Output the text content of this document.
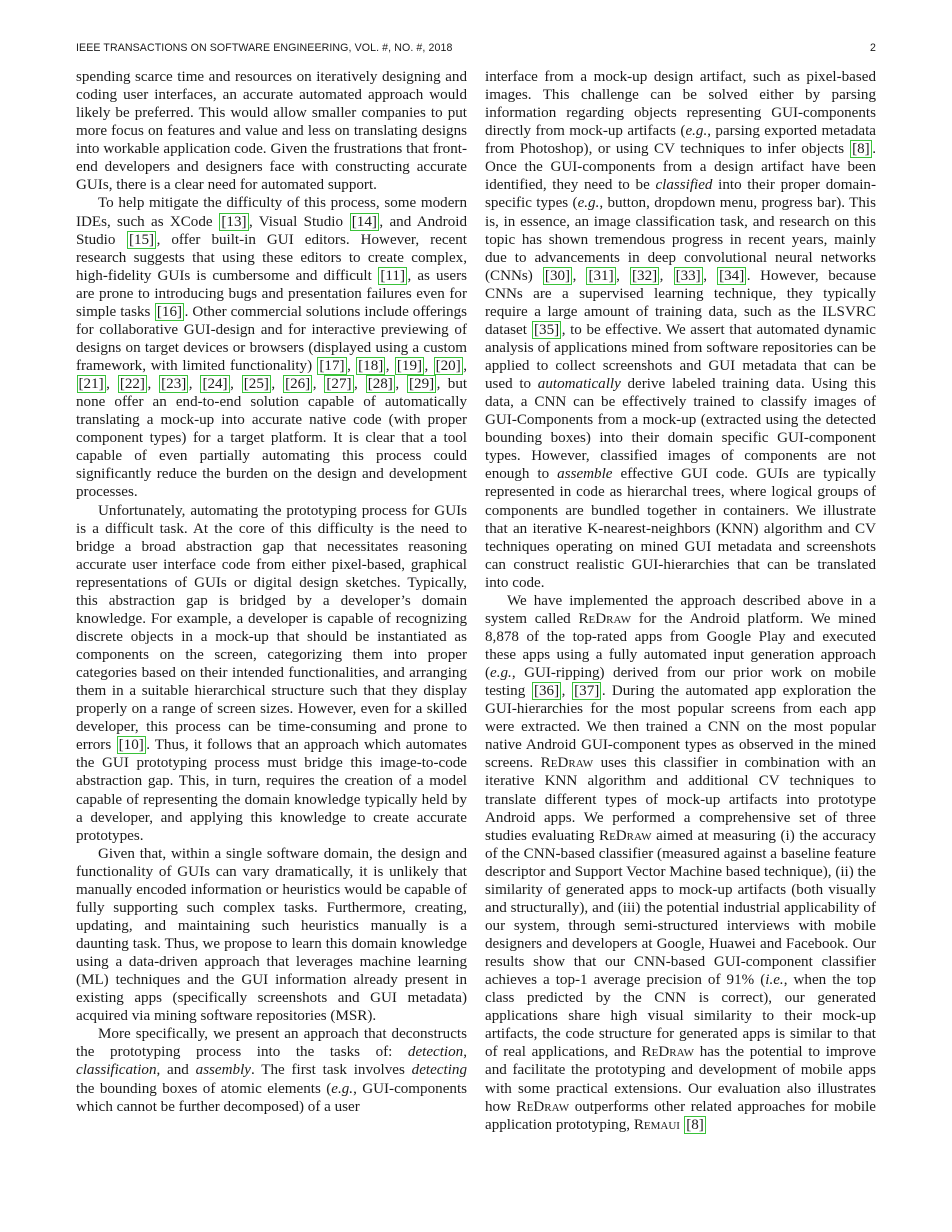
IEEE TRANSACTIONS ON SOFTWARE ENGINEERING, VOL. #, NO. #, 2018	2

spending scarce time and resources on iteratively designing and coding user interfaces, an accurate automated approach would likely be preferred. This would allow smaller companies to put more focus on features and value and less on translating designs into workable application code. Given the frustrations that front-end developers and designers face with constructing accurate GUIs, there is a clear need for automated support.

To help mitigate the difficulty of this process, some modern IDEs, such as XCode [13] , Visual Studio [14] , and Android Studio [15] , offer built-in GUI editors. However, recent research suggests that using these editors to create complex, high-fidelity GUIs is cumbersome and difficult [11] , as users are prone to introducing bugs and presentation failures even for simple tasks [16] . Other commercial solutions include offerings for collaborative GUI-design and for interactive previewing of designs on target devices or browsers (displayed using a custom framework, with limited functionality) [17] , [18] , [19] , [20] , [21] , [22] , [23] , [24] , [25] , [26] , [27] , [28] , [29] , but none offer an end-to-end solution capable of automatically translating a mock-up into accurate native code (with proper component types) for a target platform. It is clear that a tool capable of even partially automating this process could significantly reduce the burden on the design and development processes.

Unfortunately, automating the prototyping process for GUIs is a difficult task. At the core of this difficulty is the need to bridge a broad abstraction gap that necessitates reasoning accurate user interface code from either pixel-based, graphical representations of GUIs or digital design sketches. Typically, this abstraction gap is bridged by a developer’s domain knowledge. For example, a developer is capable of recognizing discrete objects in a mock-up that should be instantiated as components on the screen, categorizing them into proper categories based on their intended functionalities, and arranging them in a suitable hierarchical structure such that they display properly on a range of screen sizes. However, even for a skilled developer, this process can be time-consuming and prone to errors [10] . Thus, it follows that an approach which automates the GUI prototyping process must bridge this image-to-code abstraction gap. This, in turn, requires the creation of a model capable of representing the domain knowledge typically held by a developer, and applying this knowledge to create accurate prototypes.

Given that, within a single software domain, the design and functionality of GUIs can vary dramatically, it is unlikely that manually encoded information or heuristics would be capable of fully supporting such complex tasks. Furthermore, creating, updating, and maintaining such heuristics manually is a daunting task. Thus, we propose to learn this domain knowledge using a data-driven approach that leverages machine learning (ML) techniques and the GUI information already present in existing apps (specifically screenshots and GUI metadata) acquired via mining software repositories (MSR).

More specifically, we present an approach that deconstructs the prototyping process into the tasks of: detection, classification, and assembly. The first task involves detecting the bounding boxes of atomic elements (e.g., GUI-components which cannot be further decomposed) of a user

interface from a mock-up design artifact, such as pixel-based images. This challenge can be solved either by parsing information regarding objects representing GUI-components directly from mock-up artifacts (e.g., parsing exported metadata from Photoshop), or using CV techniques to infer objects [8] . Once the GUI-components from a design artifact have been identified, they need to be classified into their proper domain-specific types (e.g., button, dropdown menu, progress bar). This is, in essence, an image classification task, and research on this topic has shown tremendous progress in recent years, mainly due to advancements in deep convolutional neural networks (CNNs) [30] , [31] , [32] , [33] , [34] . However, because CNNs are a supervised learning technique, they typically require a large amount of training data, such as the ILSVRC dataset [35] , to be effective. We assert that automated dynamic analysis of applications mined from software repositories can be applied to collect screenshots and GUI metadata that can be used to automatically derive labeled training data. Using this data, a CNN can be effectively trained to classify images of GUI-Components from a mock-up (extracted using the detected bounding boxes) into their domain specific GUI-component types. However, classified images of components are not enough to assemble effective GUI code. GUIs are typically represented in code as hierarchal trees, where logical groups of components are bundled together in containers. We illustrate that an iterative K-nearest-neighbors (KNN) algorithm and CV techniques operating on mined GUI metadata and screenshots can construct realistic GUI-hierarchies that can be translated into code.

We have implemented the approach described above in a system called ReDraw for the Android platform. We mined 8,878 of the top-rated apps from Google Play and executed these apps using a fully automated input generation approach (e.g., GUI-ripping) derived from our prior work on mobile testing [36] , [37] . During the automated app exploration the GUI-hierarchies for the most popular screens from each app were extracted. We then trained a CNN on the most popular native Android GUI-component types as observed in the mined screens. ReDraw uses this classifier in combination with an iterative KNN algorithm and additional CV techniques to translate different types of mock-up artifacts into prototype Android apps. We performed a comprehensive set of three studies evaluating ReDraw aimed at measuring (i) the accuracy of the CNN-based classifier (measured against a baseline feature descriptor and Support Vector Machine based technique), (ii) the similarity of generated apps to mock-up artifacts (both visually and structurally), and (iii) the potential industrial applicability of our system, through semi-structured interviews with mobile designers and developers at Google, Huawei and Facebook. Our results show that our CNN-based GUI-component classifier achieves a top-1 average precision of 91% (i.e., when the top class predicted by the CNN is correct), our generated applications share high visual similarity to their mock-up artifacts, the code structure for generated apps is similar to that of real applications, and ReDraw has the potential to improve and facilitate the prototyping and development of mobile apps with some practical extensions. Our evaluation also illustrates how ReDraw outperforms other related approaches for mobile application prototyping, Remaui [8]
